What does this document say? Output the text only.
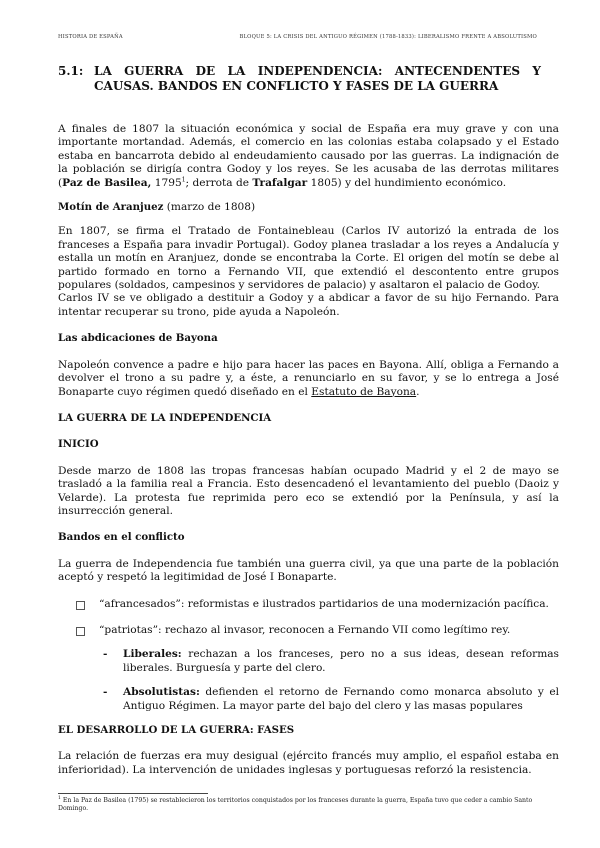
HISTORIA DE ESPAÑA	BLOQUE 5: LA CRISIS DEL ANTIGUO RÉGIMEN (1788-1833): LIBERALISMO FRENTE A ABSOLUTISMO
5.1: LA GUERRA DE LA INDEPENDENCIA: ANTECENDENTES Y CAUSAS. BANDOS EN CONFLICTO Y FASES DE LA GUERRA

A finales de 1807 la situación económica y social de España era muy grave y con una importante mortandad. Además, el comercio en las colonias estaba colapsado y el Estado estaba en bancarrota debido al endeudamiento causado por las guerras. La indignación de la población se dirigía contra Godoy y los reyes. Se les acusaba de las derrotas militares (Paz de Basilea, 1795$^1$; derrota de Trafalgar 1805) y del hundimiento económico.

Motín de Aranjuez (marzo de 1808)

En 1807, se firma el Tratado de Fontainebleau (Carlos IV autorizó la entrada de los franceses a España para invadir Portugal). Godoy planea trasladar a los reyes a Andalucía y estalla un motín en Aranjuez, donde se encontraba la Corte. El origen del motín se debe al partido formado en torno a Fernando VII, que extendió el descontento entre grupos populares (soldados, campesinos y servidores de palacio) y asaltaron el palacio de Godoy.

Carlos IV se ve obligado a destituir a Godoy y a abdicar a favor de su hijo Fernando. Para intentar recuperar su trono, pide ayuda a Napoleón.

Las abdicaciones de Bayona

Napoleón convence a padre e hijo para hacer las paces en Bayona. Allí, obliga a Fernando a devolver el trono a su padre y, a éste, a renunciarlo en su favor, y se lo entrega a José Bonaparte cuyo régimen quedó diseñado en el Estatuto de Bayona.

LA GUERRA DE LA INDEPENDENCIA

INICIO

Desde marzo de 1808 las tropas francesas habían ocupado Madrid y el 2 de mayo se trasladó a la familia real a Francia. Esto desencadenó el levantamiento del pueblo (Daoiz y Velarde). La protesta fue reprimida pero eco se extendió por la Península, y así la insurrección general.

Bandos en el conflicto

La guerra de Independencia fue también una guerra civil, ya que una parte de la población aceptó y respetó la legitimidad de José I Bonaparte.

“afrancesados”: reformistas e ilustrados partidarios de una modernización pacífica.
“patriotas”: rechazo al invasor, reconocen a Fernando VII como legítimo rey.
-	Liberales: rechazan a los franceses, pero no a sus ideas, desean reformas liberales. Burguesía y parte del clero.
-	Absolutistas: defienden el retorno de Fernando como monarca absoluto y el Antiguo Régimen. La mayor parte del bajo del clero y las masas populares

EL DESARROLLO DE LA GUERRA: FASES

La relación de fuerzas era muy desigual (ejército francés muy amplio, el español estaba en inferioridad). La intervención de unidades inglesas y portuguesas reforzó la resistencia.

$^1$ En la Paz de Basilea (1795) se restablecieron los territorios conquistados por los franceses durante la guerra, España tuvo que ceder a cambio Santo Domingo.
